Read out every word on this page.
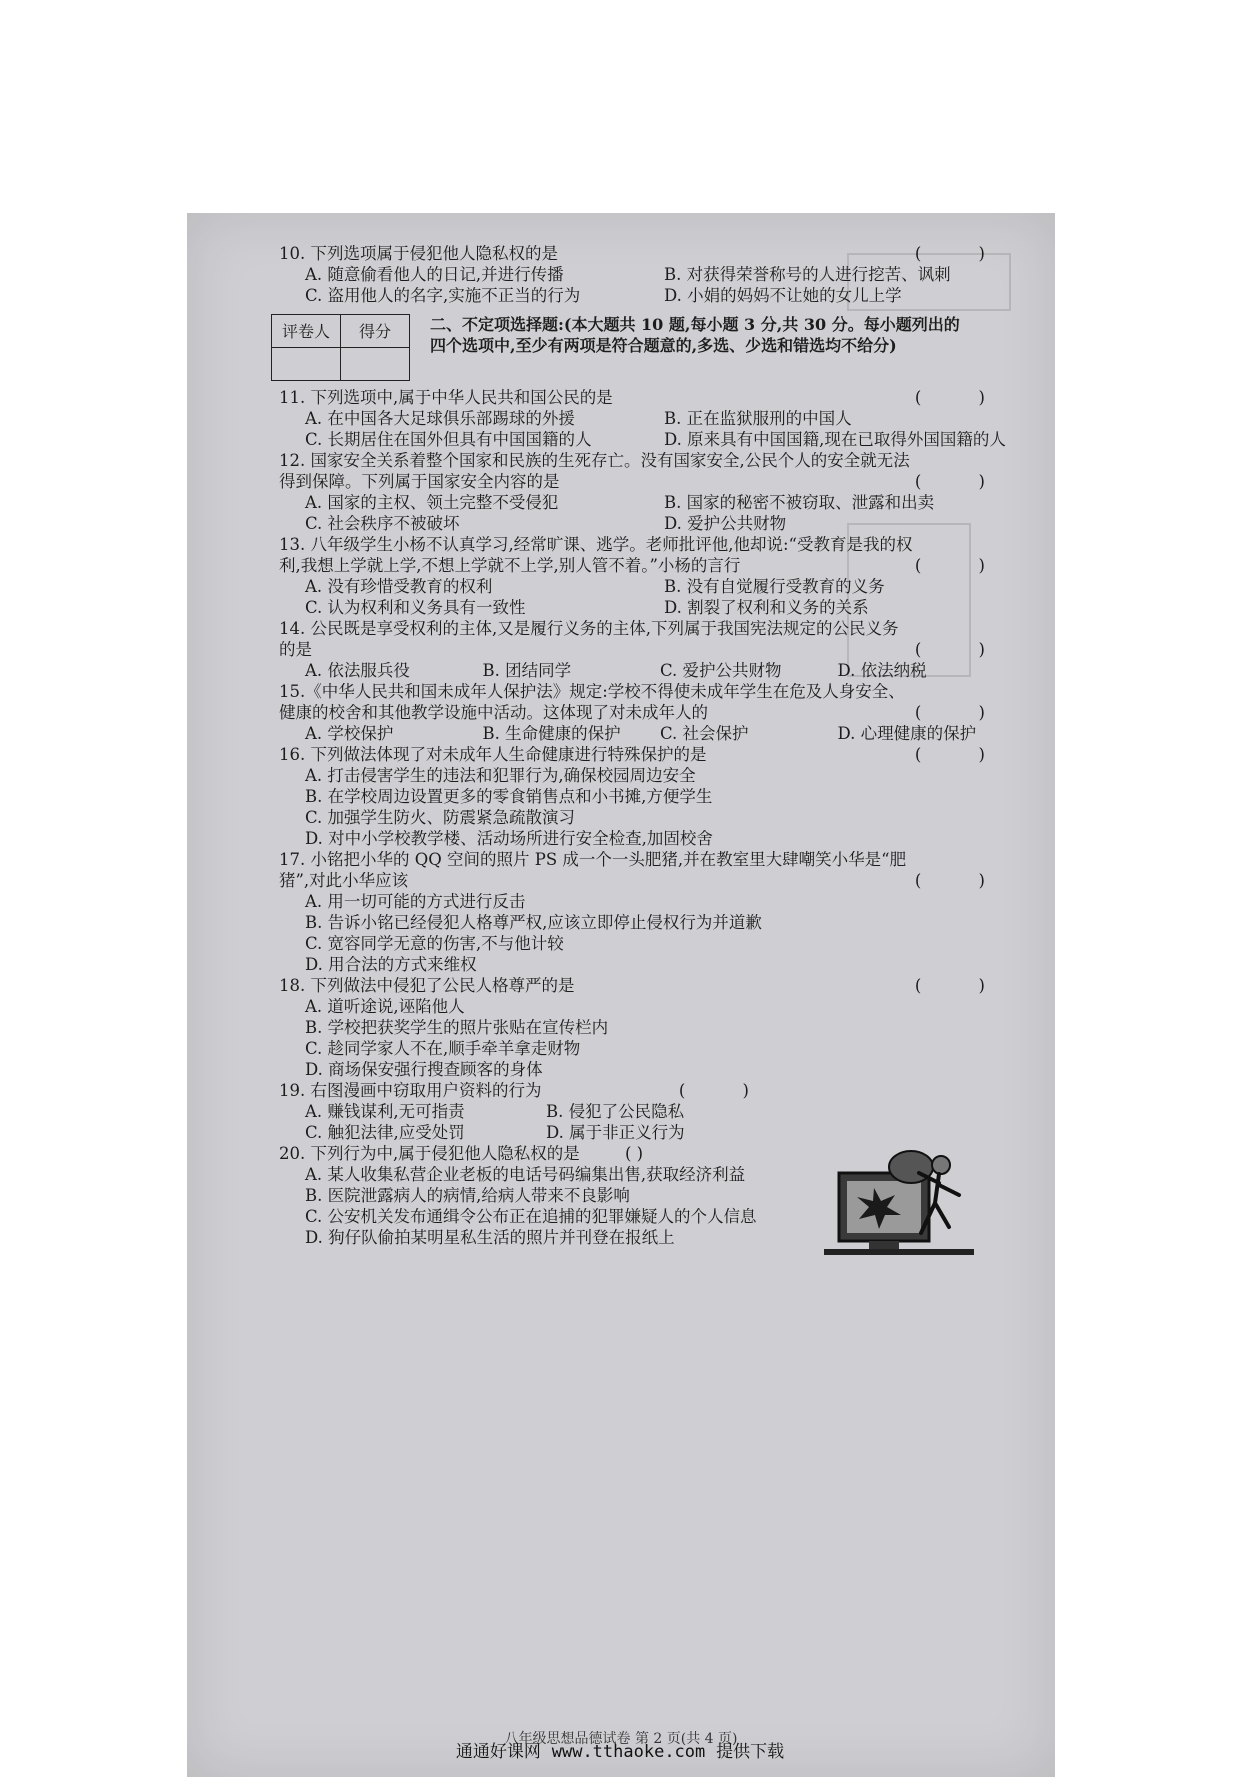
( )
10. 下列选项属于侵犯他人隐私权的是
A. 随意偷看他人的日记,并进行传播	B. 对获得荣誉称号的人进行挖苦、讽刺
C. 盗用他人的名字,实施不正当的行为	D. 小娟的妈妈不让她的女儿上学
评卷人	得分
	二、不定项选择题:(本大题共 10 题,每小题 3 分,共 30 分。每小题列出的四个选项中,至少有两项是符合题意的,多选、少选和错选均不给分)
( )
11. 下列选项中,属于中华人民共和国公民的是
A. 在中国各大足球俱乐部踢球的外援	B. 正在监狱服刑的中国人
C. 长期居住在国外但具有中国国籍的人	D. 原来具有中国国籍,现在已取得外国国籍的人
( )
12. 国家安全关系着整个国家和民族的生死存亡。没有国家安全,公民个人的安全就无法得到保障。下列属于国家安全内容的是
A. 国家的主权、领土完整不受侵犯	B. 国家的秘密不被窃取、泄露和出卖
C. 社会秩序不被破坏	D. 爱护公共财物
( )
13. 八年级学生小杨不认真学习,经常旷课、逃学。老师批评他,他却说:“受教育是我的权利,我想上学就上学,不想上学就不上学,别人管不着。”小杨的言行
A. 没有珍惜受教育的权利	B. 没有自觉履行受教育的义务
C. 认为权利和义务具有一致性	D. 割裂了权利和义务的关系
( )
14. 公民既是享受权利的主体,又是履行义务的主体,下列属于我国宪法规定的公民义务的是
A. 依法服兵役	B. 团结同学	C. 爱护公共财物	D. 依法纳税
( )
15.《中华人民共和国未成年人保护法》规定:学校不得使未成年学生在危及人身安全、健康的校舍和其他教学设施中活动。这体现了对未成年人的
A. 学校保护	B. 生命健康的保护	C. 社会保护	D. 心理健康的保护
( )
16. 下列做法体现了对未成年人生命健康进行特殊保护的是
A. 打击侵害学生的违法和犯罪行为,确保校园周边安全
B. 在学校周边设置更多的零食销售点和小书摊,方便学生
C. 加强学生防火、防震紧急疏散演习
D. 对中小学校教学楼、活动场所进行安全检查,加固校舍
( )
17. 小铭把小华的 QQ 空间的照片 PS 成一个一头肥猪,并在教室里大肆嘲笑小华是“肥猪”,对此小华应该
A. 用一切可能的方式进行反击
B. 告诉小铭已经侵犯人格尊严权,应该立即停止侵权行为并道歉
C. 宽容同学无意的伤害,不与他计较
D. 用合法的方式来维权
( )
18. 下列做法中侵犯了公民人格尊严的是
A. 道听途说,诬陷他人
B. 学校把获奖学生的照片张贴在宣传栏内
C. 趁同学家人不在,顺手牵羊拿走财物
D. 商场保安强行搜查顾客的身体
( )
19. 右图漫画中窃取用户资料的行为
A. 赚钱谋利,无可指责	B. 侵犯了公民隐私
C. 触犯法律,应受处罚	D. 属于非正义行为
20. 下列行为中,属于侵犯他人隐私权的是	( )
A. 某人收集私营企业老板的电话号码编集出售,获取经济利益
B. 医院泄露病人的病情,给病人带来不良影响
C. 公安机关发布通缉令公布正在追捕的犯罪嫌疑人的个人信息
D. 狗仔队偷拍某明星私生活的照片并刊登在报纸上
八年级思想品德试卷 第 2 页(共 4 页)
通通好课网 www.tthaoke.com 提供下载
